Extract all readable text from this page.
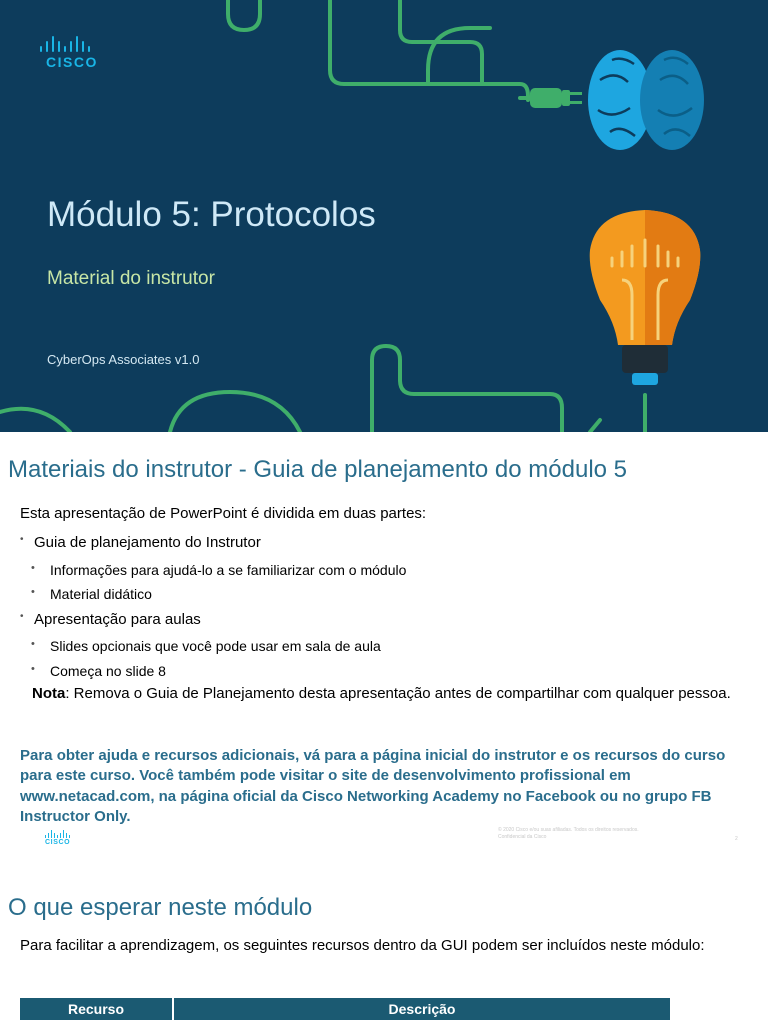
CISCO
Módulo 5: Protocolos
Material do instrutor
CyberOps Associates v1.0
Materiais do instrutor - Guia de planejamento do módulo 5
Esta apresentação de PowerPoint é dividida em duas partes:
• Guia de planejamento do Instrutor
• Informações para ajudá-lo a se familiarizar com o módulo
• Material didático
• Apresentação para aulas
• Slides opcionais que você pode usar em sala de aula
• Começa no slide 8
Nota: Remova o Guia de Planejamento desta apresentação antes de compartilhar com qualquer pessoa.
Para obter ajuda e recursos adicionais, vá para a página inicial do instrutor e os recursos do curso para este curso. Você também pode visitar o site de desenvolvimento profissional em www.netacad.com, na página oficial da Cisco Networking Academy no Facebook ou no grupo FB Instructor Only.
CISCO
© 2020 Cisco e/ou suas afiliadas. Todos os direitos reservados.
Confidencial da Cisco	2
O que esperar neste módulo
Para facilitar a aprendizagem, os seguintes recursos dentro da GUI podem ser incluídos neste módulo:
Recurso	Descrição
